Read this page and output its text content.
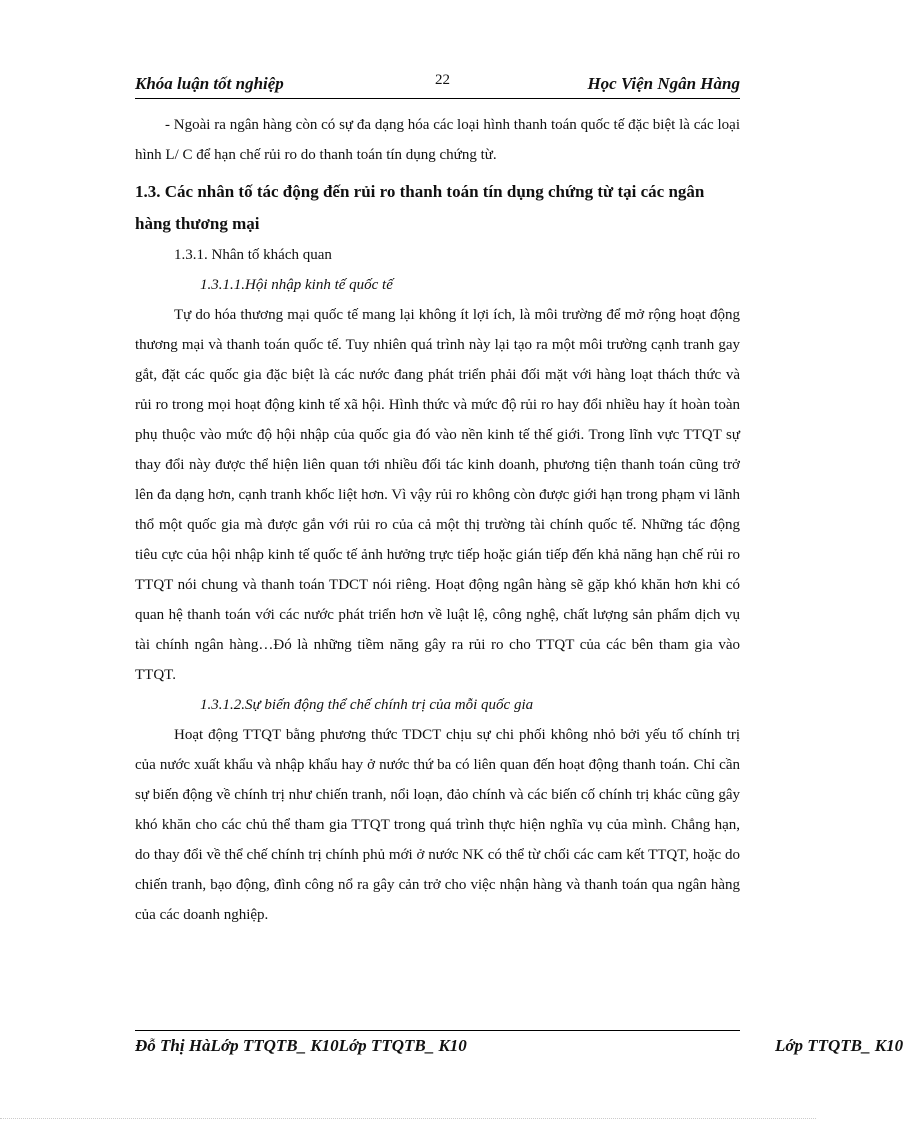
Khóa luận tốt nghiệp	22	Học Viện Ngân Hàng

- Ngoài ra ngân hàng còn có sự đa dạng hóa các loại hình thanh toán quốc tế đặc biệt là các loại hình L/ C để hạn chế rủi ro do thanh toán tín dụng chứng từ.

1.3. Các nhân tố tác động đến rủi ro thanh toán tín dụng chứng từ tại các ngân hàng thương mại

1.3.1. Nhân tố khách quan

1.3.1.1.Hội nhập kinh tế quốc tế

Tự do hóa thương mại quốc tế mang lại không ít lợi ích, là môi trường để mở rộng hoạt động thương mại và thanh toán quốc tế. Tuy nhiên quá trình này lại tạo ra một môi trường cạnh tranh gay gắt, đặt các quốc gia đặc biệt là các nước đang phát triển phải đối mặt với hàng loạt thách thức và rủi ro trong mọi hoạt động kinh tế xã hội. Hình thức và mức độ rủi ro hay đổi nhiều hay ít hoàn toàn phụ thuộc vào mức độ hội nhập của quốc gia đó vào nền kinh tế thế giới. Trong lĩnh vực TTQT sự thay đổi này được thể hiện liên quan tới nhiều đối tác kinh doanh, phương tiện thanh toán cũng trở lên đa dạng hơn, cạnh tranh khốc liệt hơn. Vì vậy rủi ro không còn được giới hạn trong phạm vi lãnh thổ một quốc gia mà được gắn với rủi ro của cả một thị trường tài chính quốc tế. Những tác động tiêu cực của hội nhập kinh tế quốc tế ảnh hưởng trực tiếp hoặc gián tiếp đến khả năng hạn chế rủi ro TTQT nói chung và thanh toán TDCT nói riêng. Hoạt động ngân hàng sẽ gặp khó khăn hơn khi có quan hệ thanh toán với các nước phát triển hơn về luật lệ, công nghệ, chất lượng sản phẩm dịch vụ tài chính ngân hàng…Đó là những tiềm năng gây ra rủi ro cho TTQT của các bên tham gia vào TTQT.

1.3.1.2.Sự biến động thể chế chính trị của mỗi quốc gia

Hoạt động TTQT bằng phương thức TDCT chịu sự chi phối không nhỏ bởi yếu tố chính trị của nước xuất khẩu và nhập khẩu hay ở nước thứ ba có liên quan đến hoạt động thanh toán. Chỉ cần sự biến động về chính trị như chiến tranh, nổi loạn, đảo chính và các biến cố chính trị khác cũng gây khó khăn cho các chủ thể tham gia TTQT trong quá trình thực hiện nghĩa vụ của mình. Chẳng hạn, do thay đổi về thể chế chính trị chính phủ mới ở nước NK có thể từ chối các cam kết TTQT, hoặc do chiến tranh, bạo động, đình công nổ ra gây cản trở cho việc nhận hàng và thanh toán qua ngân hàng của các doanh nghiệp.

Đỗ Thị HàLớp TTQTB_ K10Lớp TTQTB_ K10	Lớp TTQTB_ K10
